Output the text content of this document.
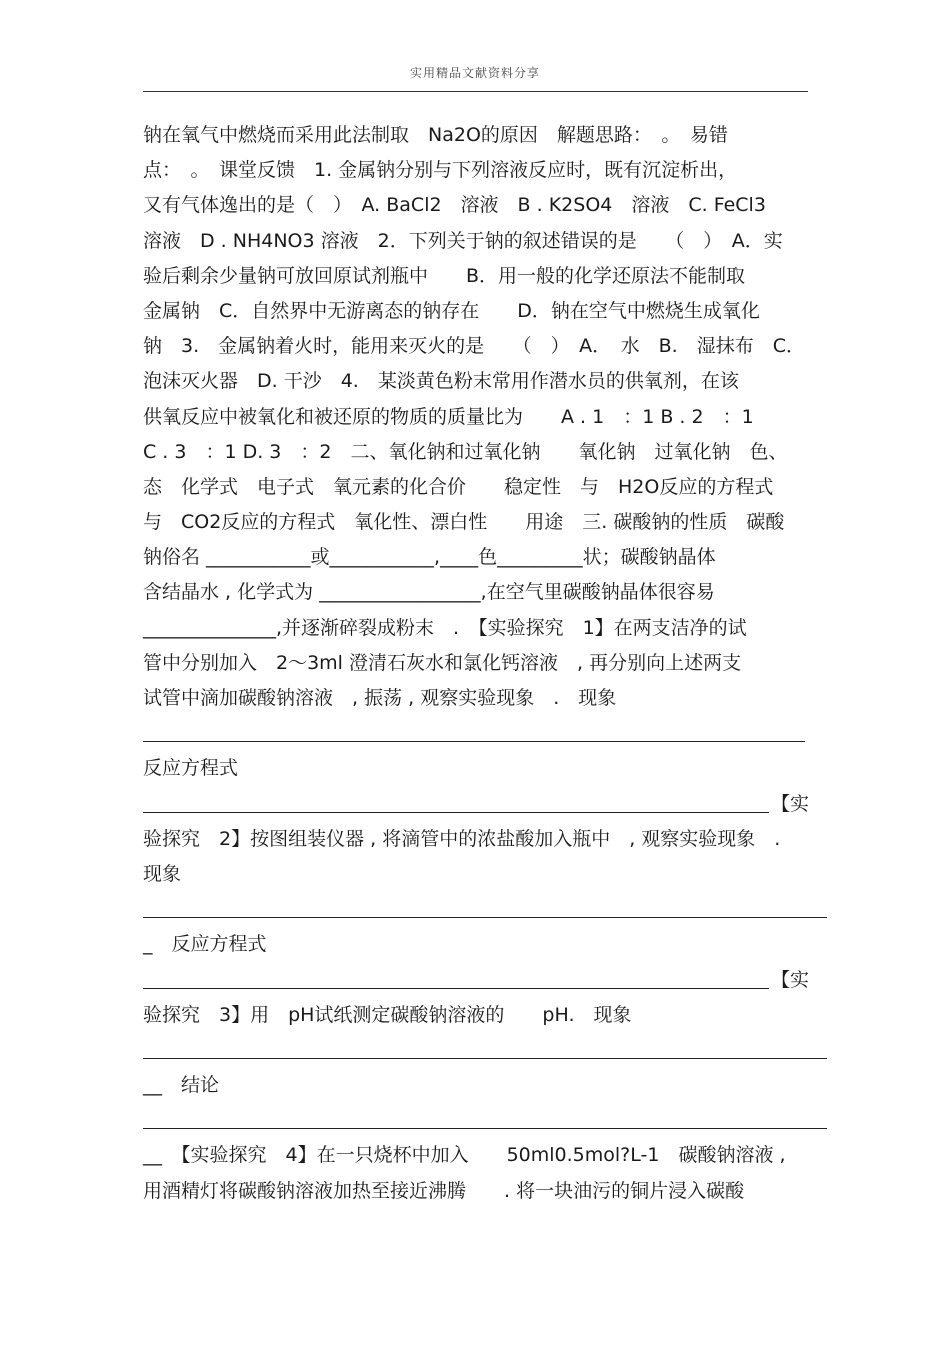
实用精品文献资料分享
钠在氧气中燃烧而采用此法制取　Na2O的原因　解题思路：　。　易错
点：　。　课堂反馈　1. 金属钠分别与下列溶液反应时，既有沉淀析出，
又有气体逸出的是（　）　A. BaCl2　溶液　B . K2SO4　溶液　C. FeCl3
溶液　D . NH4NO3 溶液　2．下列关于钠的叙述错误的是　　（　）　A．实
验后剩余少量钠可放回原试剂瓶中　　B．用一般的化学还原法不能制取
金属钠　C．自然界中无游离态的钠存在　　D．钠在空气中燃烧生成氧化
钠　3.　金属钠着火时，能用来灭火的是　　（　）　A．　水　B.　湿抹布　C．
泡沫灭火器　D. 干沙　4.　某淡黄色粉末常用作潜水员的供氧剂，在该
供氧反应中被氧化和被还原的物质的质量比为　　A . 1　：1 B . 2　：1
C . 3　：1 D. 3　：2　二、氧化钠和过氧化钠　　氧化钠　过氧化钠　色、
态　化学式　电子式　氧元素的化合价　　稳定性　与　H2O反应的方程式
与　CO2反应的方程式　氧化性、漂白性　　用途　三. 碳酸钠的性质　碳酸
钠俗名 ___________或___________,____色_________状；碳酸钠晶体
含结晶水 , 化学式为 _________________,在空气里碳酸钠晶体很容易
______________,并逐渐碎裂成粉末　.　【实验探究　1】在两支洁净的试
管中分别加入　2～3ml 澄清石灰水和氯化钙溶液　, 再分别向上述两支
试管中滴加碳酸钠溶液　, 振荡 , 观察实验现象　.　现象
反应方程式
【实
验探究　2】按图组装仪器 , 将滴管中的浓盐酸加入瓶中　, 观察实验现象　.
现象
_　反应方程式
【实
验探究　3】用　pH试纸测定碳酸钠溶液的　　pH.　现象
__　结论
__　【实验探究　4】在一只烧杯中加入　　50ml0.5mol?L-1　碳酸钠溶液 ,
用酒精灯将碳酸钠溶液加热至接近沸腾　　. 将一块油污的铜片浸入碳酸
